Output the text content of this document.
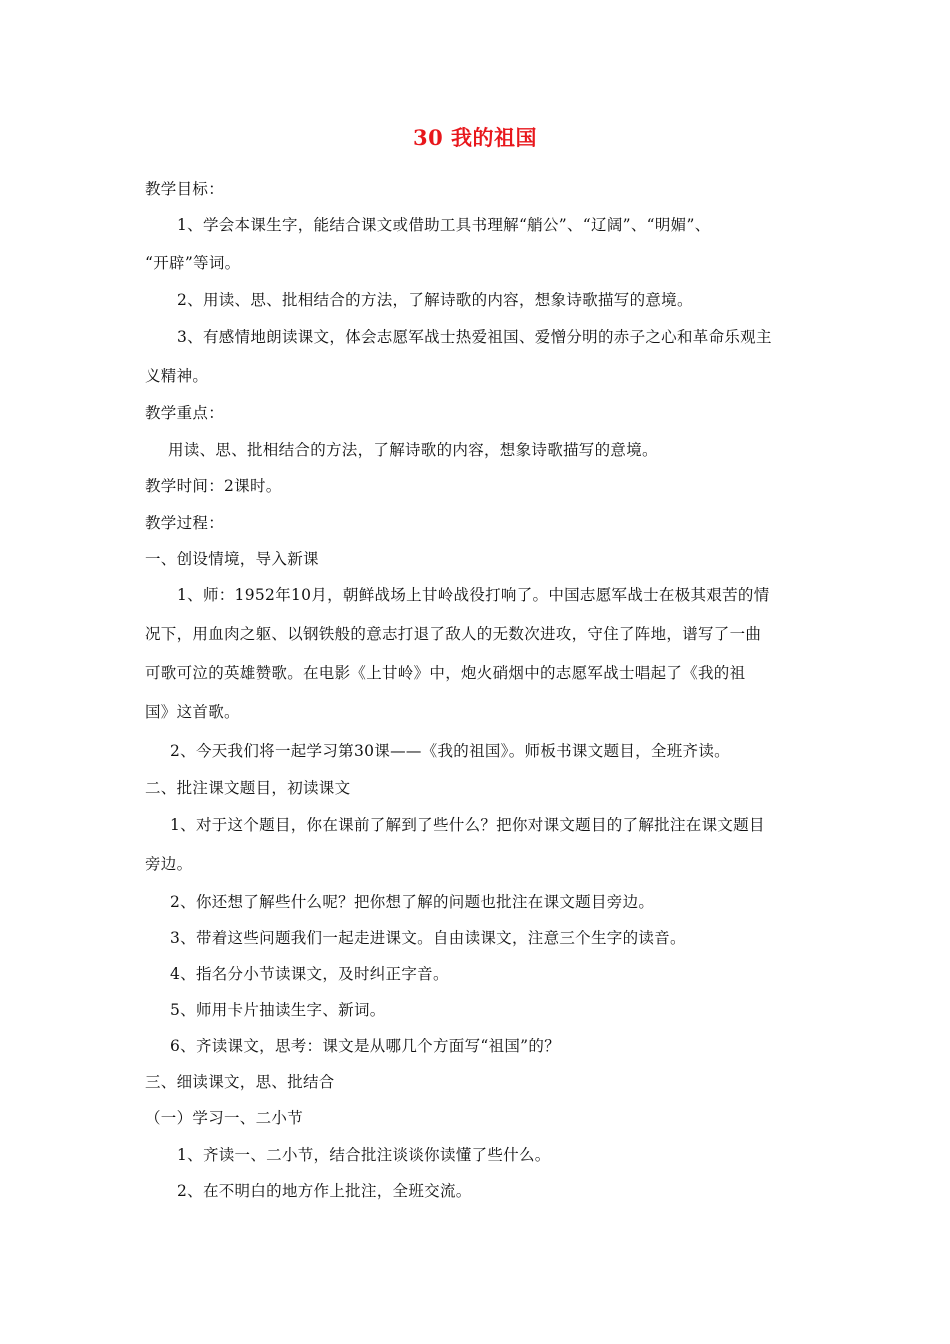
30 我的祖国
教学目标：
1、学会本课生字，能结合课文或借助工具书理解“艄公”、“辽阔”、“明媚”、
“开辟”等词。
2、用读、思、批相结合的方法，了解诗歌的内容，想象诗歌描写的意境。
3、有感情地朗读课文，体会志愿军战士热爱祖国、爱憎分明的赤子之心和革命乐观主
义精神。
教学重点：
用读、思、批相结合的方法，了解诗歌的内容，想象诗歌描写的意境。
教学时间：2课时。
教学过程：
一、创设情境，导入新课
1、师：1952年10月，朝鲜战场上甘岭战役打响了。中国志愿军战士在极其艰苦的情
况下，用血肉之躯、以钢铁般的意志打退了敌人的无数次进攻，守住了阵地，谱写了一曲
可歌可泣的英雄赞歌。在电影《上甘岭》中，炮火硝烟中的志愿军战士唱起了《我的祖
国》这首歌。
2、今天我们将一起学习第30课——《我的祖国》。师板书课文题目，全班齐读。
二、批注课文题目，初读课文
1、对于这个题目，你在课前了解到了些什么？把你对课文题目的了解批注在课文题目
旁边。
2、你还想了解些什么呢？把你想了解的问题也批注在课文题目旁边。
3、带着这些问题我们一起走进课文。自由读课文，注意三个生字的读音。
4、指名分小节读课文，及时纠正字音。
5、师用卡片抽读生字、新词。
6、齐读课文，思考：课文是从哪几个方面写“祖国”的？
三、细读课文，思、批结合
（一）学习一、二小节
1、齐读一、二小节，结合批注谈谈你读懂了些什么。
2、在不明白的地方作上批注，全班交流。
